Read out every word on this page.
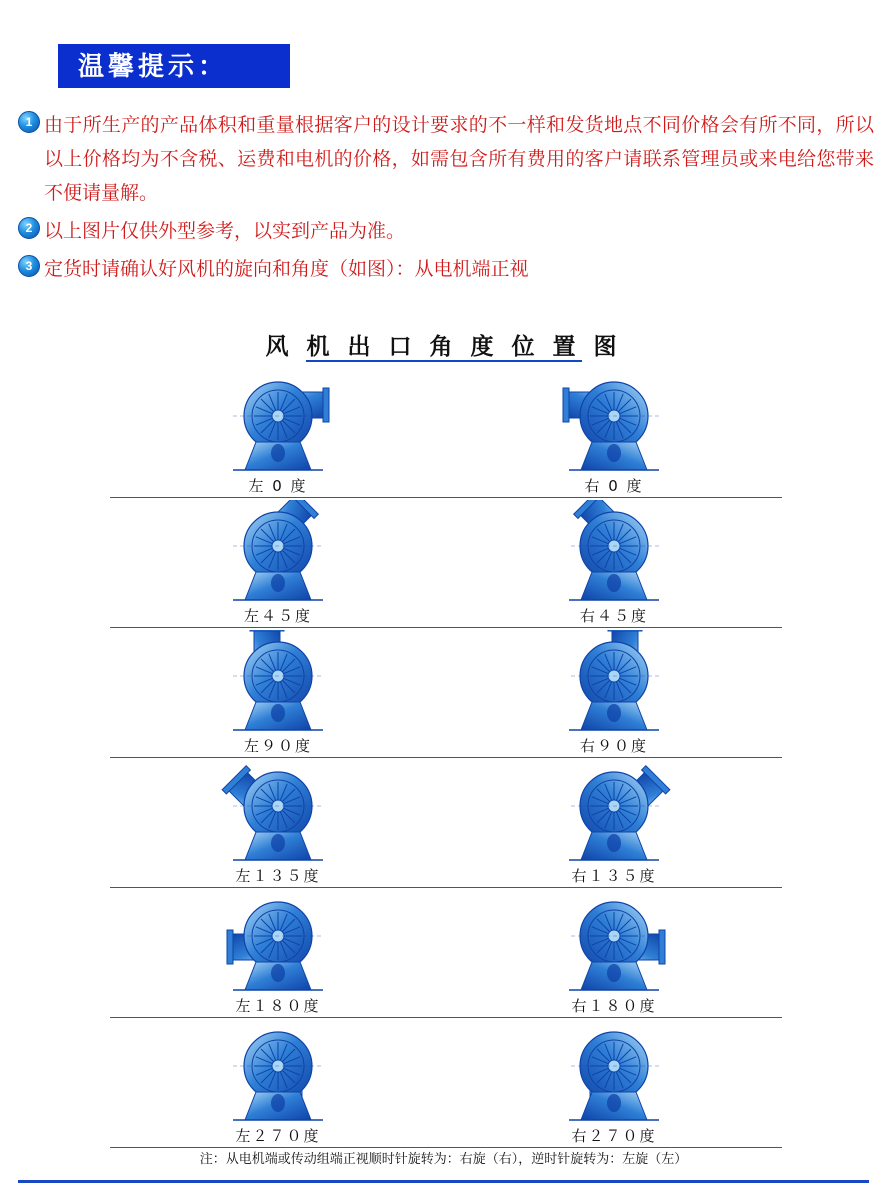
温馨提示：
1 由于所生产的产品体积和重量根据客户的设计要求的不一样和发货地点不同价格会有所不同，所以以上价格均为不含税、运费和电机的价格，如需包含所有费用的客户请联系管理员或来电给您带来不便请量解。
2 以上图片仅供外型参考，以实到产品为准。
3 定货时请确认好风机的旋向和角度（如图）：从电机端正视
风 机 出 口 角 度 位 置 图
左 0 度	右 0 度
左４５度	右４５度
左９０度	右９０度
左１３５度	右１３５度
左１８０度	右１８０度
左２７０度	右２７０度
注：从电机端或传动组端正视顺时针旋转为：右旋（右），逆时针旋转为：左旋（左）
